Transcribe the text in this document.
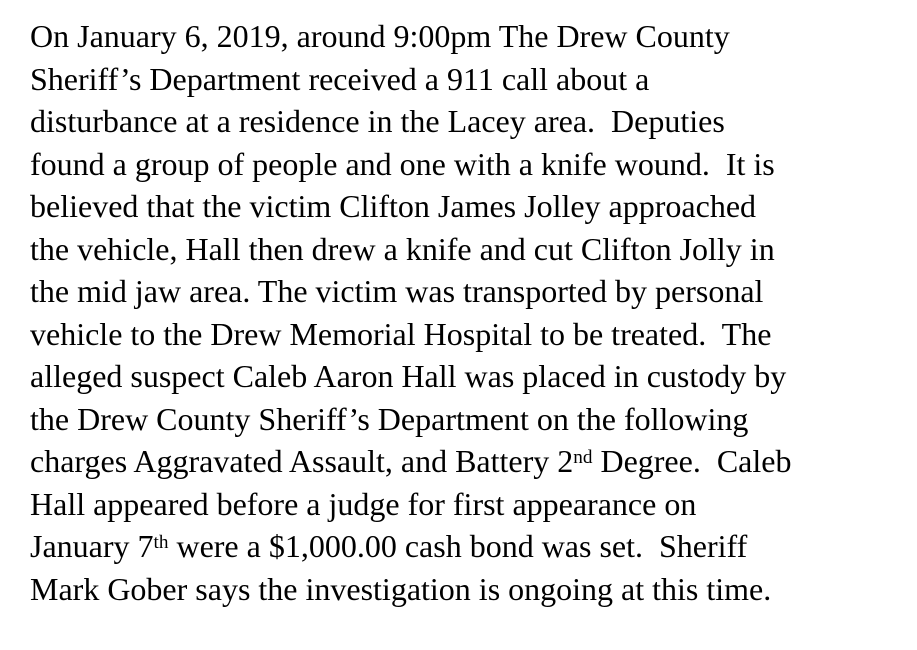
On January 6, 2019, around 9:00pm The Drew County
Sheriff’s Department received a 911 call about a
disturbance at a residence in the Lacey area.  Deputies
found a group of people and one with a knife wound.  It is
believed that the victim Clifton James Jolley approached
the vehicle, Hall then drew a knife and cut Clifton Jolly in
the mid jaw area. The victim was transported by personal
vehicle to the Drew Memorial Hospital to be treated.  The
alleged suspect Caleb Aaron Hall was placed in custody by
the Drew County Sheriff’s Department on the following
charges Aggravated Assault, and Battery 2nd Degree.  Caleb
Hall appeared before a judge for first appearance on
January 7th were a $1,000.00 cash bond was set.  Sheriff
Mark Gober says the investigation is ongoing at this time.
